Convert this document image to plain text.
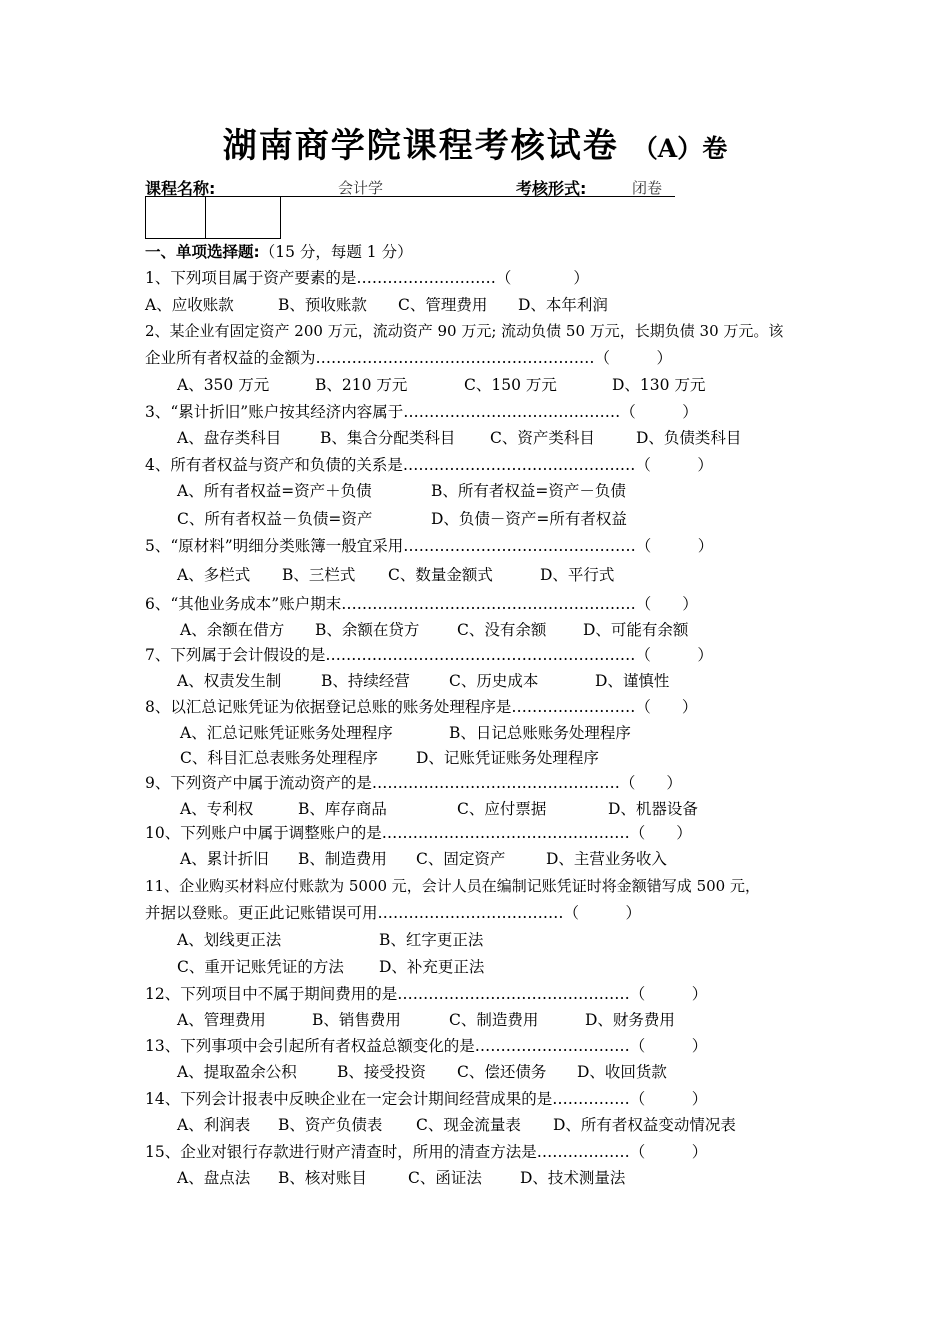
湖南商学院课程考核试卷 （A）卷
课程名称:	会计学	考核形式:	闭卷
一、单项选择题:（15 分，每题 1 分）
1、下列项目属于资产要素的是………………………（　　　　）
A、应收账款	B、预收账款 C、管理费用 D、本年利润
2、某企业有固定资产 200 万元，流动资产 90 万元; 流动负债 50 万元，长期负债 30 万元。该
企业所有者权益的金额为………………………………………………（　　　）
A、350 万元	B、210 万元	C、150 万元	D、130 万元
3、“累计折旧”账户按其经济内容属于……………………………………（　　　）
A、盘存类科目	B、集合分配类科目 C、资产类科目	D、负债类科目
4、所有者权益与资产和负债的关系是………………………………………（　　　）
A、所有者权益=资产＋负债	B、所有者权益=资产－负债
C、所有者权益－负债=资产	D、负债－资产=所有者权益
5、“原材料”明细分类账簿一般宜采用………………………………………（　　　）
A、多栏式 B、三栏式 C、数量金额式	D、平行式
6、“其他业务成本”账户期末…………………………………………………（　　）
A、余额在借方 B、余额在贷方 C、没有余额 D、可能有余额
7、下列属于会计假设的是……………………………………………………（　　　）
A、权责发生制	B、持续经营	C、历史成本	D、谨慎性
8、以汇总记账凭证为依据登记总账的账务处理程序是……………………（　　）
A、汇总记账凭证账务处理程序	B、日记总账账务处理程序
C、科目汇总表账务处理程序 D、记账凭证账务处理程序
9、下列资产中属于流动资产的是…………………………………………（　　）
A、专利权	B、库存商品	C、应付票据	D、机器设备
10、下列账户中属于调整账户的是…………………………………………（　　）
A、累计折旧 B、制造费用 C、固定资产	D、主营业务收入
11、企业购买材料应付账款为 5000 元，会计人员在编制记账凭证时将金额错写成 500 元，
并据以登账。更正此记账错误可用………………………………（　　　）
A、划线更正法	B、红字更正法
C、重开记账凭证的方法 D、补充更正法
12、下列项目中不属于期间费用的是………………………………………（　　　）
A、管理费用	B、销售费用	C、制造费用	D、财务费用
13、下列事项中会引起所有者权益总额变化的是…………………………（　　　）
A、提取盈余公积	B、接受投资 C、偿还债务 D、收回货款
14、下列会计报表中反映企业在一定会计期间经营成果的是……………（　　　）
A、利润表 B、资产负债表 C、现金流量表 D、所有者权益变动情况表
15、企业对银行存款进行财产清查时，所用的清查方法是………………（　　　）
A、盘点法 B、核对账目	C、函证法 D、技术测量法
